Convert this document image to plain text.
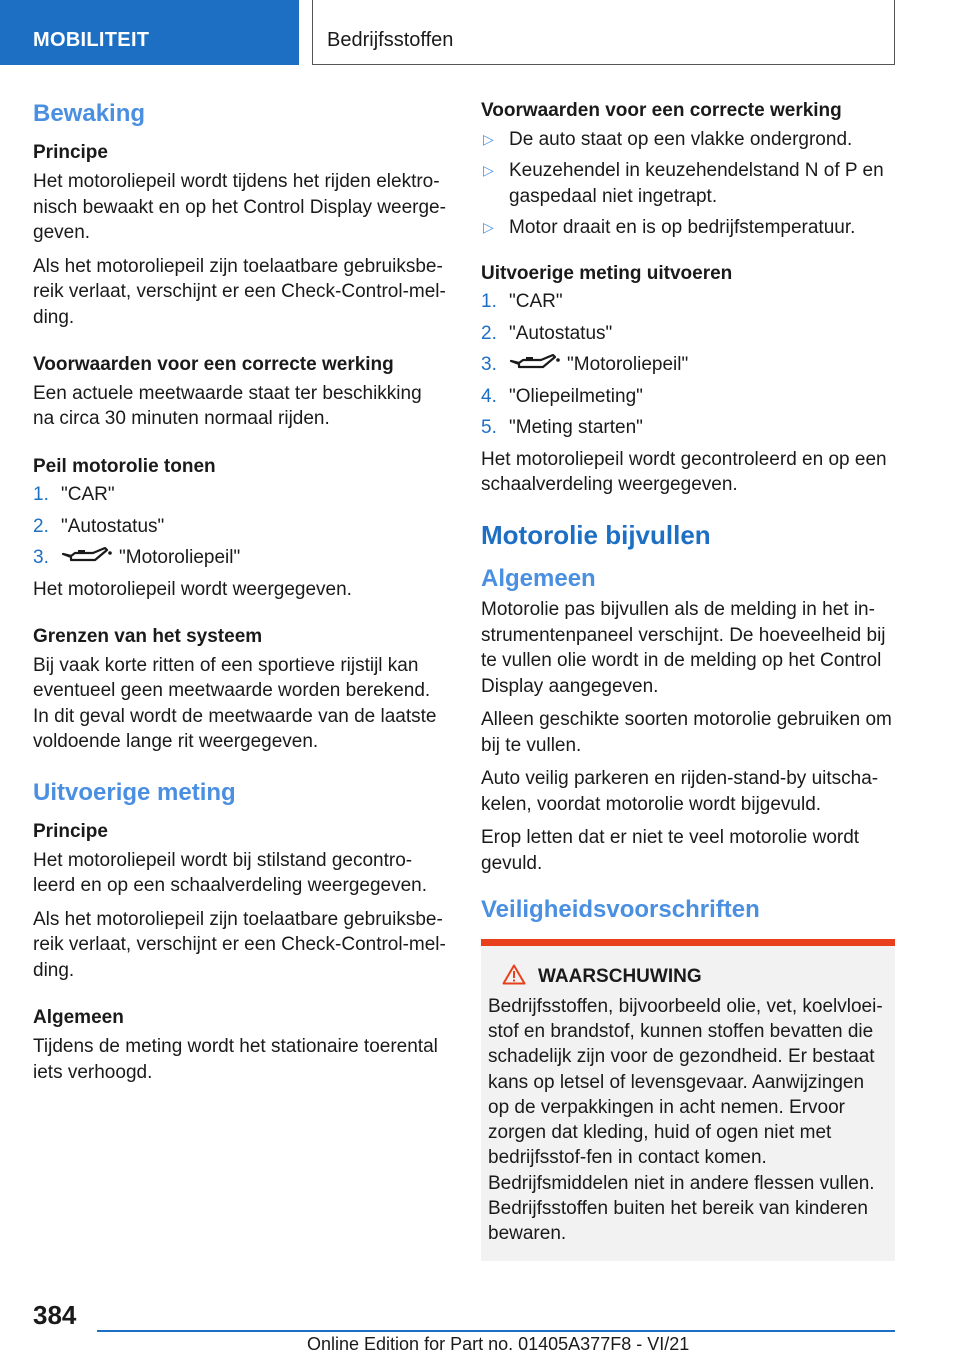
MOBILITEIT	Bedrijfsstoffen
Bewaking
Principe
Het motoroliepeil wordt tijdens het rijden elektro-nisch bewaakt en op het Control Display weerge-geven.
Als het motoroliepeil zijn toelaatbare gebruiksbe-reik verlaat, verschijnt er een Check-Control-mel-ding.
Voorwaarden voor een correcte werking
Een actuele meetwaarde staat ter beschikking na circa 30 minuten normaal rijden.
Peil motorolie tonen
1. "CAR"
2. "Autostatus"
3.	"Motoroliepeil"
Het motoroliepeil wordt weergegeven.
Grenzen van het systeem
Bij vaak korte ritten of een sportieve rijstijl kan eventueel geen meetwaarde worden berekend. In dit geval wordt de meetwaarde van de laatste voldoende lange rit weergegeven.
Uitvoerige meting
Principe
Het motoroliepeil wordt bij stilstand gecontro-leerd en op een schaalverdeling weergegeven.
Als het motoroliepeil zijn toelaatbare gebruiksbe-reik verlaat, verschijnt er een Check-Control-mel-ding.
Algemeen
Tijdens de meting wordt het stationaire toerental iets verhoogd.
Voorwaarden voor een correcte werking
▷ De auto staat op een vlakke ondergrond.
▷ Keuzehendel in keuzehendelstand N of P en gaspedaal niet ingetrapt.
▷ Motor draait en is op bedrijfstemperatuur.
Uitvoerige meting uitvoeren
1. "CAR"
2. "Autostatus"
3.	"Motoroliepeil"
4. "Oliepeilmeting"
5. "Meting starten"
Het motoroliepeil wordt gecontroleerd en op een schaalverdeling weergegeven.
Motorolie bijvullen
Algemeen
Motorolie pas bijvullen als de melding in het in-strumentenpaneel verschijnt. De hoeveelheid bij te vullen olie wordt in de melding op het Control Display aangegeven.
Alleen geschikte soorten motorolie gebruiken om bij te vullen.
Auto veilig parkeren en rijden-stand-by uitscha-kelen, voordat motorolie wordt bijgevuld.
Erop letten dat er niet te veel motorolie wordt gevuld.
Veiligheidsvoorschriften
WAARSCHUWING
Bedrijfsstoffen, bijvoorbeeld olie, vet, koelvloei-stof en brandstof, kunnen stoffen bevatten die schadelijk zijn voor de gezondheid. Er bestaat kans op letsel of levensgevaar. Aanwijzingen op de verpakkingen in acht nemen. Ervoor zorgen dat kleding, huid of ogen niet met bedrijfsstof-fen in contact komen. Bedrijfsmiddelen niet in andere flessen vullen. Bedrijfsstoffen buiten het bereik van kinderen bewaren.
384
Online Edition for Part no. 01405A377F8 - VI/21
